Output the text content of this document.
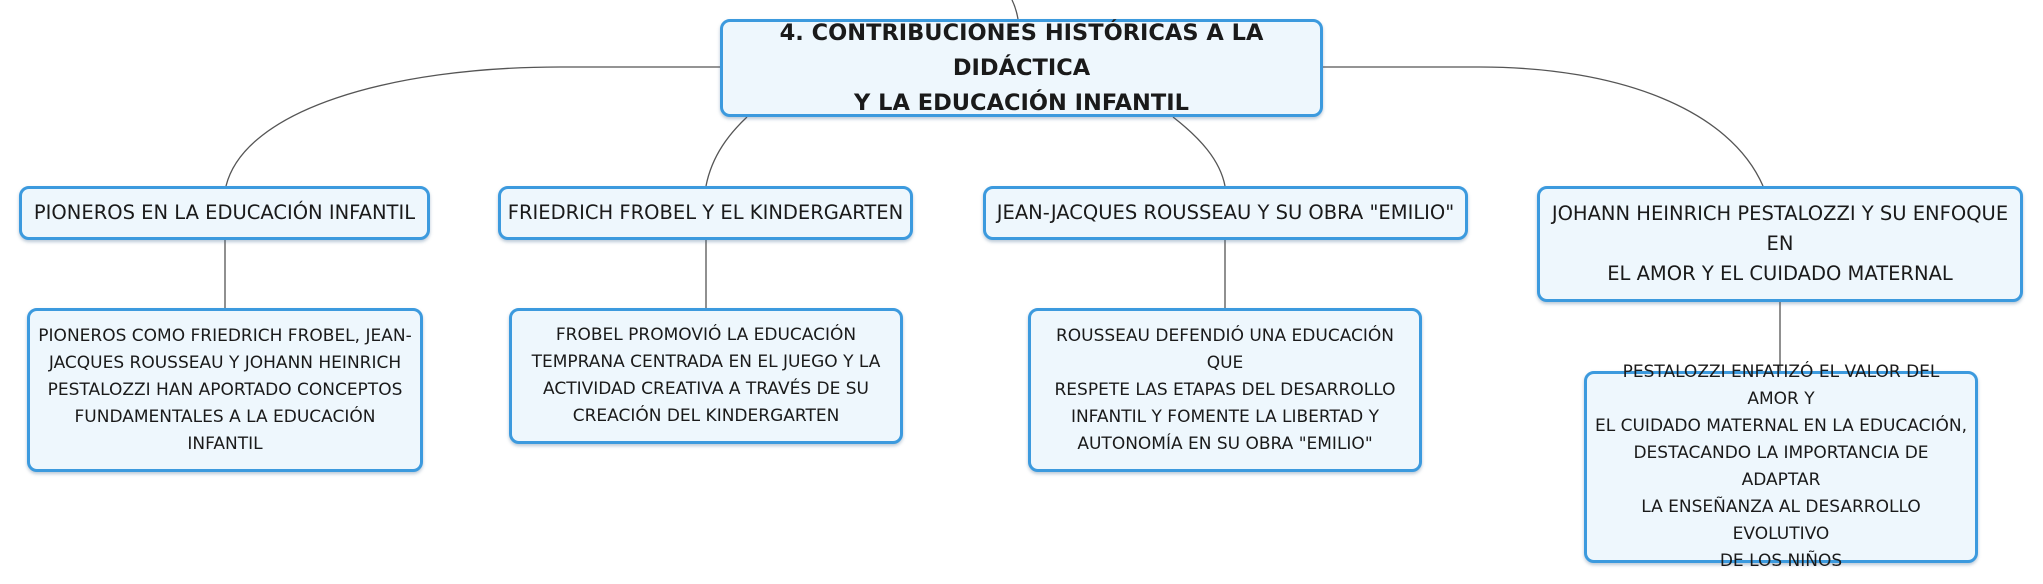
4. CONTRIBUCIONES HISTÓRICAS A LA DIDÁCTICA
Y LA EDUCACIÓN INFANTIL
PIONEROS EN LA EDUCACIÓN INFANTIL	FRIEDRICH FROBEL Y EL KINDERGARTEN	JEAN-JACQUES ROUSSEAU Y SU OBRA "EMILIO"	JOHANN HEINRICH PESTALOZZI Y SU ENFOQUE EN
EL AMOR Y EL CUIDADO MATERNAL
PIONEROS COMO FRIEDRICH FROBEL, JEAN-
JACQUES ROUSSEAU Y JOHANN HEINRICH
PESTALOZZI HAN APORTADO CONCEPTOS
FUNDAMENTALES A LA EDUCACIÓN INFANTIL
FROBEL PROMOVIÓ LA EDUCACIÓN
TEMPRANA CENTRADA EN EL JUEGO Y LA
ACTIVIDAD CREATIVA A TRAVÉS DE SU
CREACIÓN DEL KINDERGARTEN
ROUSSEAU DEFENDIÓ UNA EDUCACIÓN QUE
RESPETE LAS ETAPAS DEL DESARROLLO
INFANTIL Y FOMENTE LA LIBERTAD Y
AUTONOMÍA EN SU OBRA "EMILIO"
PESTALOZZI ENFATIZÓ EL VALOR DEL AMOR Y
EL CUIDADO MATERNAL EN LA EDUCACIÓN,
DESTACANDO LA IMPORTANCIA DE ADAPTAR
LA ENSEÑANZA AL DESARROLLO EVOLUTIVO
DE LOS NIÑOS
